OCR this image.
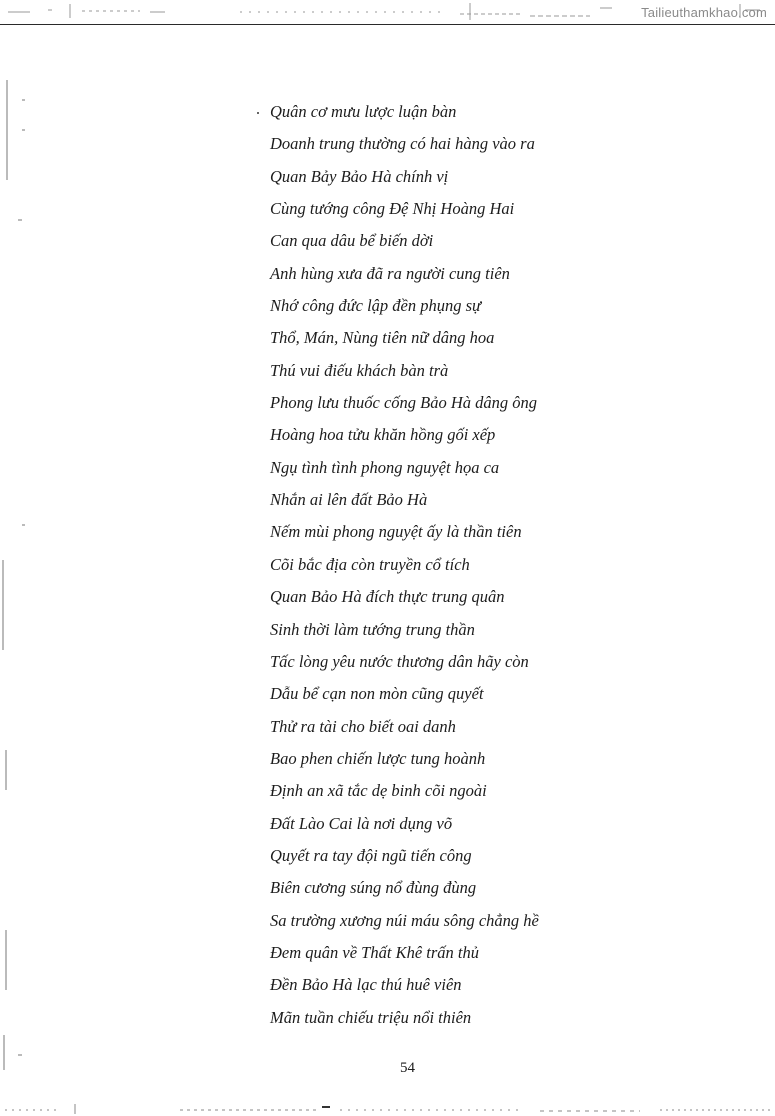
Tailieuthamkhao.com
Quân cơ mưu lược luận bàn
Doanh trung thường có hai hàng vào ra
Quan Bảy Bảo Hà chính vị
Cùng tướng công Đệ Nhị Hoàng Hai
Can qua dâu bể biến dời
Anh hùng xưa đã ra người cung tiên
Nhớ công đức lập đền phụng sự
Thổ, Mán, Nùng tiên nữ dâng hoa
Thú vui điếu khách bàn trà
Phong lưu thuốc cống Bảo Hà dâng ông
Hoàng hoa tửu khăn hồng gối xếp
Ngụ tình tình phong nguyệt họa ca
Nhắn ai lên đất Bảo Hà
Nếm mùi phong nguyệt ấy là thần tiên
Cõi bắc địa còn truyền cổ tích
Quan Bảo Hà đích thực trung quân
Sinh thời làm tướng trung thần
Tấc lòng yêu nước thương dân hãy còn
Dẫu bể cạn non mòn cũng quyết
Thử ra tài cho biết oai danh
Bao phen chiến lược tung hoành
Định an xã tắc dẹ binh cõi ngoài
Đất Lào Cai là nơi dụng võ
Quyết ra tay đội ngũ tiến công
Biên cương súng nổ đùng đùng
Sa trường xương núi máu sông chẳng hề
Đem quân về Thất Khê trấn thủ
Đền Bảo Hà lạc thú huê viên
Mãn tuần chiếu triệu nổi thiên
54
